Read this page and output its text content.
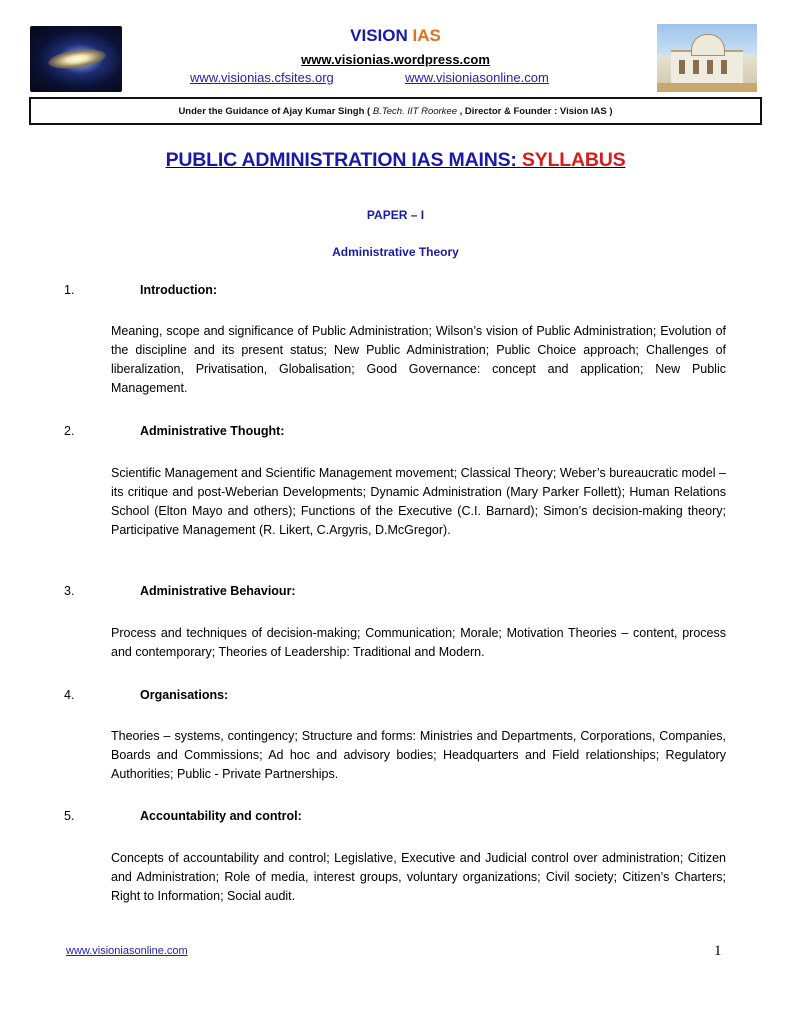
VISION IAS
www.visionias.wordpress.com
www.visionias.cfsites.org	www.visioniasonline.com
Under the Guidance of Ajay Kumar Singh (
B.Tech. IIT Roorkee
, Director & Founder : Vision IAS )
PUBLIC ADMINISTRATION IAS MAINS: SYLLABUS
PAPER – I
Administrative Theory
1.	Introduction:

Meaning, scope and significance of Public Administration; Wilson’s vision of Public Administration; Evolution of the discipline and its present status; New Public Administration; Public Choice approach; Challenges of liberalization, Privatisation, Globalisation; Good Governance: concept and application; New Public Management.

2.	Administrative Thought:

Scientific Management and Scientific Management movement; Classical Theory; Weber’s bureaucratic model – its critique and post-Weberian Developments; Dynamic Administration (Mary Parker Follett); Human Relations School (Elton Mayo and others); Functions of the Executive (C.I. Barnard); Simon’s decision-making theory; Participative Management (R. Likert, C.Argyris, D.McGregor).

3.	Administrative Behaviour:

Process and techniques of decision-making; Communication; Morale; Motivation Theories – content, process and contemporary; Theories of Leadership: Traditional and Modern.

4.	Organisations:

Theories – systems, contingency; Structure and forms: Ministries and Departments, Corporations, Companies, Boards and Commissions; Ad hoc and advisory bodies; Headquarters and Field relationships; Regulatory Authorities; Public - Private Partnerships.

5.	Accountability and control:

Concepts of accountability and control; Legislative, Executive and Judicial control over administration; Citizen and Administration; Role of media, interest groups, voluntary organizations; Civil society; Citizen’s Charters; Right to Information; Social audit.

www.visioniasonline.com	1
